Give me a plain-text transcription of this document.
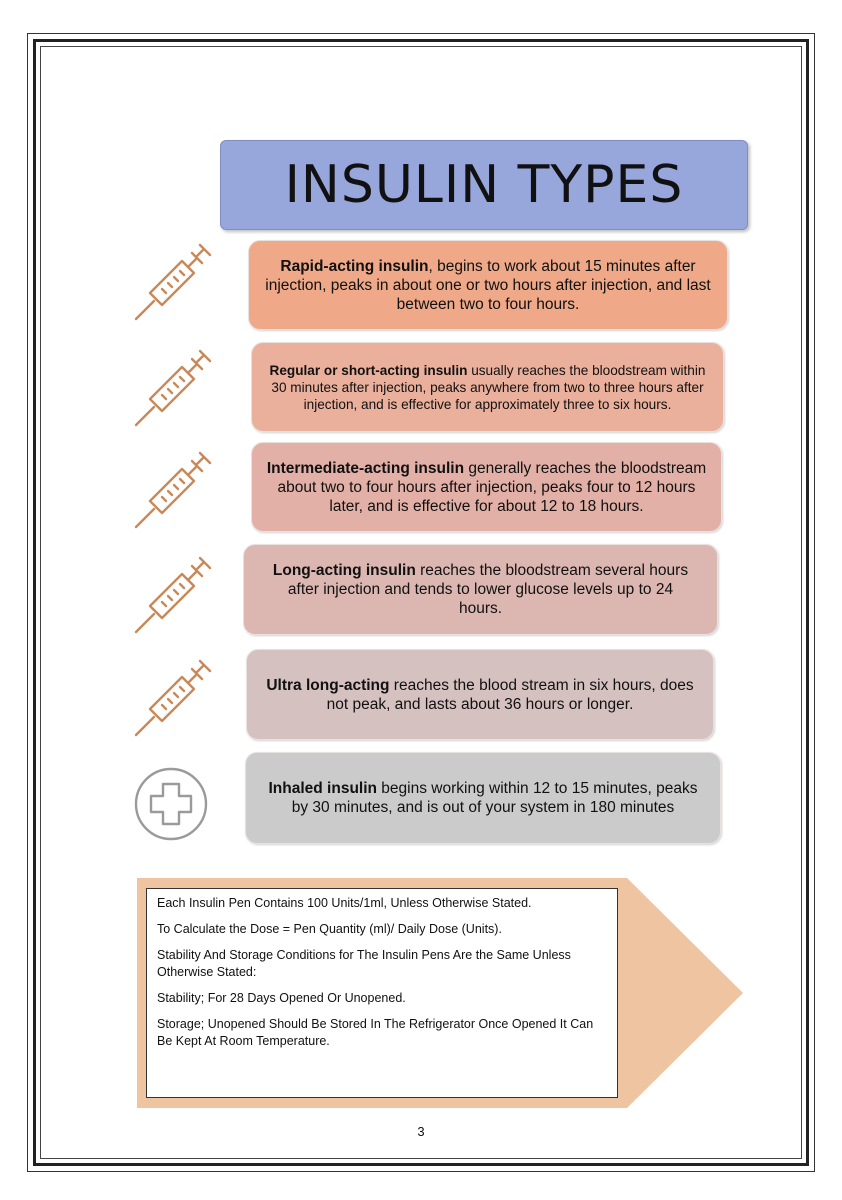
INSULIN TYPES
Rapid-acting insulin, begins to work about 15 minutes after injection, peaks in about one or two hours after injection, and last between two to four hours.
Regular or short-acting insulin usually reaches the bloodstream within 30 minutes after injection, peaks anywhere from two to three hours after injection, and is effective for approximately three to six hours.
Intermediate-acting insulin generally reaches the bloodstream about two to four hours after injection, peaks four to 12 hours later, and is effective for about 12 to 18 hours.
Long-acting insulin reaches the bloodstream several hours after injection and tends to lower glucose levels up to 24 hours.
Ultra long-acting reaches the blood stream in six hours, does not peak, and lasts about 36 hours or longer.
Inhaled insulin begins working within 12 to 15 minutes, peaks by 30 minutes, and is out of your system in 180 minutes

Each Insulin Pen Contains 100 Units/1ml, Unless Otherwise Stated.

To Calculate the Dose = Pen Quantity (ml)/ Daily Dose (Units).

Stability And Storage Conditions for The Insulin Pens Are the Same Unless Otherwise Stated:

Stability; For 28 Days Opened Or Unopened.

Storage; Unopened Should Be Stored In The Refrigerator Once Opened It Can Be Kept At Room Temperature.

3
